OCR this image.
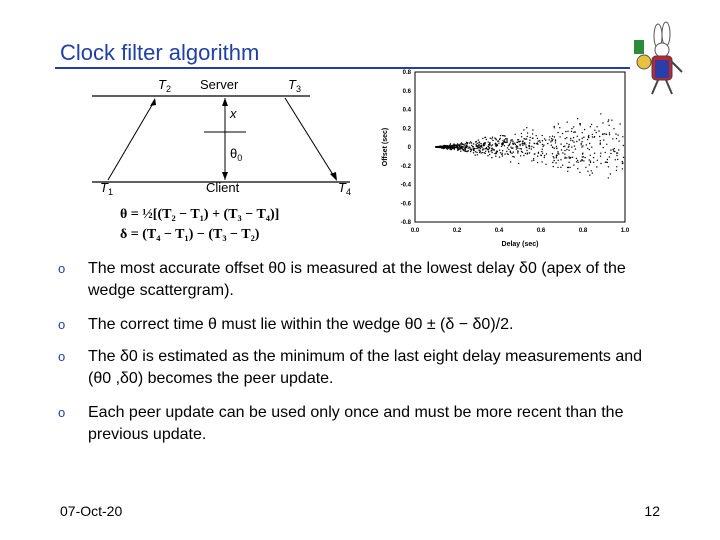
Clock filter algorithm
$T_2$ Server	$T_3$
x
$\theta_0$
$T_1$	Client	$T_4$
θ = ½[(T₂ − T₁) + (T₃ − T₄)]
δ = (T₄ − T₁) − (T₃ − T₂)	0.0	0.2	0.4	0.6	0.8	1.0
0.8
0.6
0.4
0.2
0
-0.2
-0.4
-0.6
-0.8
Delay (sec)
Offset (sec)
o The most accurate offset θ0 is measured at the lowest delay δ0 (apex of the wedge scattergram).
o The correct time θ must lie within the wedge θ0 ± (δ − δ0)/2.
o The δ0 is estimated as the minimum of the last eight delay measurements and (θ0 ,δ0) becomes the peer update.
o Each peer update can be used only once and must be more recent than the previous update.
07-Oct-20	12
